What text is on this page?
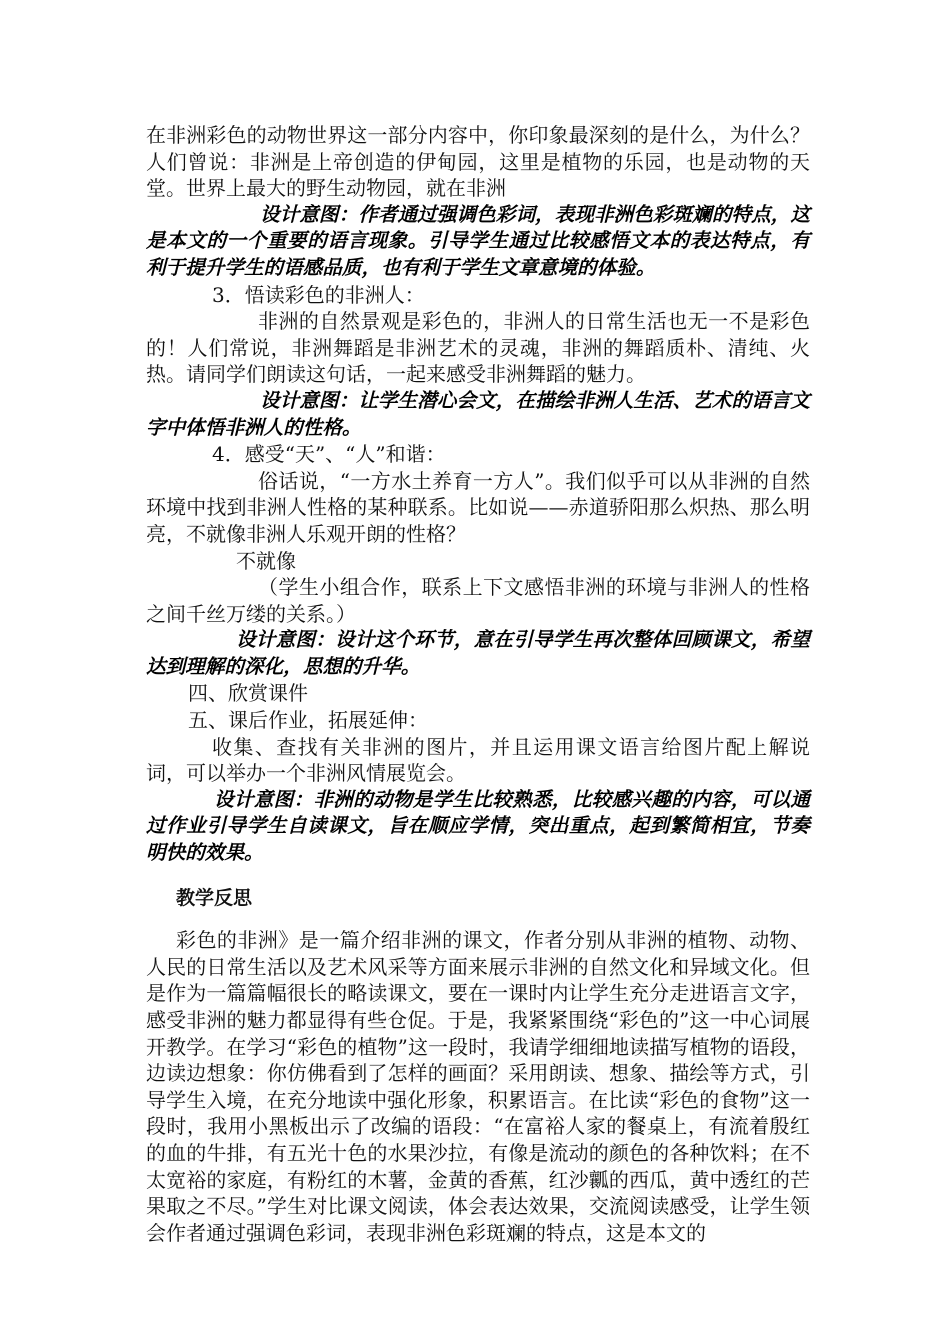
在非洲彩色的动物世界这一部分内容中，你印象最深刻的是什么，为什么？人们曾说：非洲是上帝创造的伊甸园，这里是植物的乐园，也是动物的天堂。世界上最大的野生动物园，就在非洲

设计意图：作者通过强调色彩词，表现非洲色彩斑斓的特点，这是本文的一个重要的语言现象。引导学生通过比较感悟文本的表达特点，有利于提升学生的语感品质，也有利于学生文章意境的体验。

3．悟读彩色的非洲人：

非洲的自然景观是彩色的，非洲人的日常生活也无一不是彩色的！人们常说，非洲舞蹈是非洲艺术的灵魂，非洲的舞蹈质朴、清纯、火热。请同学们朗读这句话，一起来感受非洲舞蹈的魅力。

设计意图：让学生潜心会文，在描绘非洲人生活、艺术的语言文字中体悟非洲人的性格。

4．感受“天”、“人”和谐：

俗话说，“一方水土养育一方人”。我们似乎可以从非洲的自然环境中找到非洲人性格的某种联系。比如说——赤道骄阳那么炽热、那么明亮，不就像非洲人乐观开朗的性格？

不就像

（学生小组合作，联系上下文感悟非洲的环境与非洲人的性格之间千丝万缕的关系。）

设计意图：设计这个环节，意在引导学生再次整体回顾课文，希望达到理解的深化，思想的升华。

四、欣赏课件

五、课后作业，拓展延伸：

收集、查找有关非洲的图片，并且运用课文语言给图片配上解说词，可以举办一个非洲风情展览会。

设计意图：非洲的动物是学生比较熟悉，比较感兴趣的内容，可以通过作业引导学生自读课文，旨在顺应学情，突出重点，起到繁简相宜，节奏明快的效果。

教学反思

彩色的非洲》是一篇介绍非洲的课文，作者分别从非洲的植物、动物、人民的日常生活以及艺术风采等方面来展示非洲的自然文化和异域文化。但是作为一篇篇幅很长的略读课文，要在一课时内让学生充分走进语言文字，感受非洲的魅力都显得有些仓促。于是，我紧紧围绕“彩色的”这一中心词展开教学。在学习“彩色的植物”这一段时，我请学细细地读描写植物的语段，边读边想象：你仿佛看到了怎样的画面？采用朗读、想象、描绘等方式，引导学生入境，在充分地读中强化形象，积累语言。在比读“彩色的食物”这一段时，我用小黑板出示了改编的语段：“在富裕人家的餐桌上，有流着殷红的血的牛排，有五光十色的水果沙拉，有像是流动的颜色的各种饮料；在不太宽裕的家庭，有粉红的木薯，金黄的香蕉，红沙瓤的西瓜，黄中透红的芒果取之不尽。”学生对比课文阅读，体会表达效果，交流阅读感受，让学生领会作者通过强调色彩词，表现非洲色彩斑斓的特点，这是本文的
